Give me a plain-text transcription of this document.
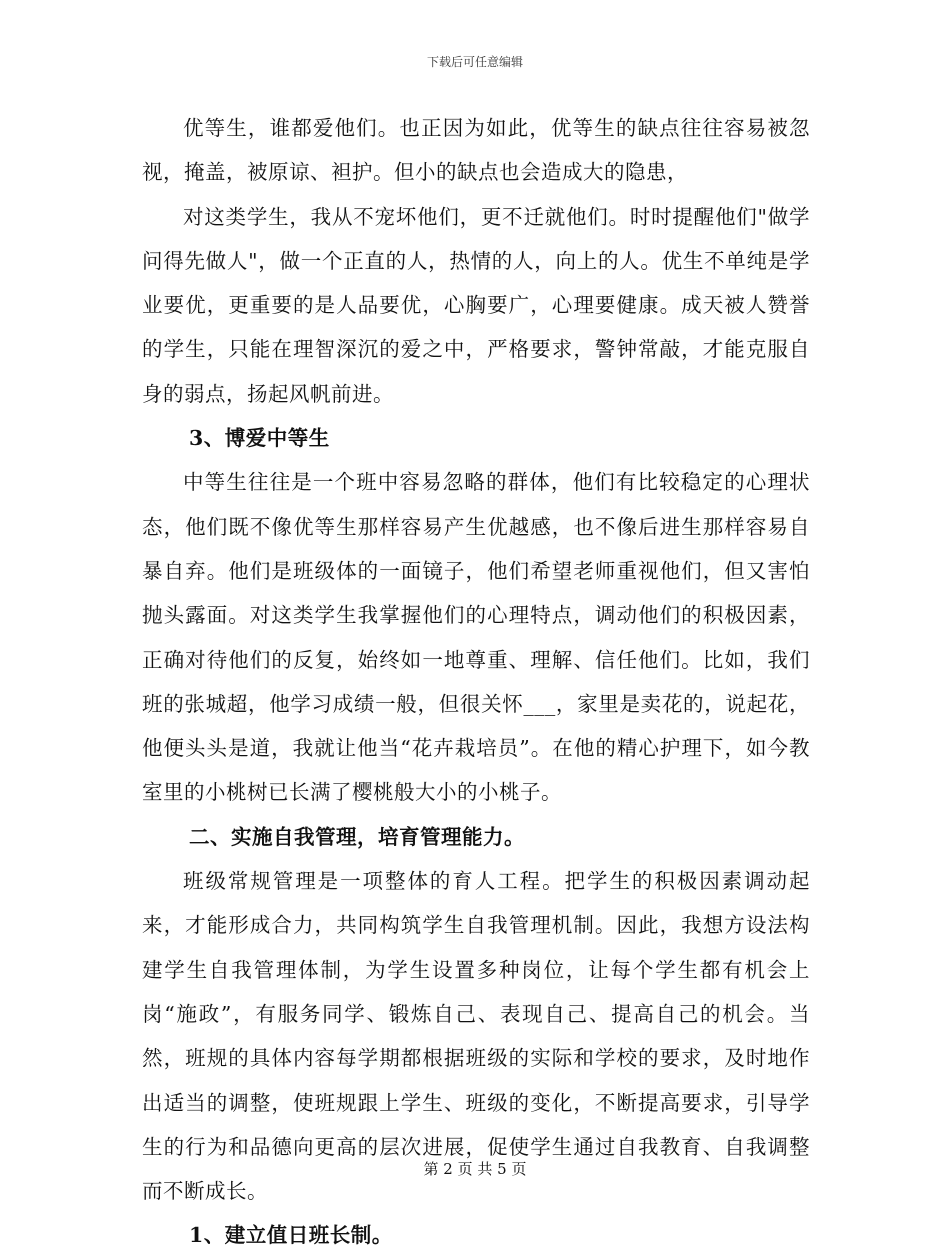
下载后可任意编辑

优等生，谁都爱他们。也正因为如此，优等生的缺点往往容易被忽视，掩盖，被原谅、袒护。但小的缺点也会造成大的隐患，

对这类学生，我从不宠坏他们，更不迁就他们。时时提醒他们"做学问得先做人"，做一个正直的人，热情的人，向上的人。优生不单纯是学业要优，更重要的是人品要优，心胸要广，心理要健康。成天被人赞誉的学生，只能在理智深沉的爱之中，严格要求，警钟常敲，才能克服自身的弱点，扬起风帆前进。

3、博爱中等生

中等生往往是一个班中容易忽略的群体，他们有比较稳定的心理状态，他们既不像优等生那样容易产生优越感，也不像后进生那样容易自暴自弃。他们是班级体的一面镜子，他们希望老师重视他们，但又害怕抛头露面。对这类学生我掌握他们的心理特点，调动他们的积极因素，正确对待他们的反复，始终如一地尊重、理解、信任他们。比如，我们班的张城超，他学习成绩一般，但很关怀___，家里是卖花的，说起花，他便头头是道，我就让他当“花卉栽培员”。在他的精心护理下，如今教室里的小桃树已长满了樱桃般大小的小桃子。

二、实施自我管理，培育管理能力。

班级常规管理是一项整体的育人工程。把学生的积极因素调动起来，才能形成合力，共同构筑学生自我管理机制。因此，我想方设法构建学生自我管理体制，为学生设置多种岗位，让每个学生都有机会上岗“施政”，有服务同学、锻炼自己、表现自己、提高自己的机会。当然，班规的具体内容每学期都根据班级的实际和学校的要求，及时地作出适当的调整，使班规跟上学生、班级的变化，不断提高要求，引导学生的行为和品德向更高的层次进展，促使学生通过自我教育、自我调整而不断成长。

1、建立值日班长制。

第 2 页 共 5 页
